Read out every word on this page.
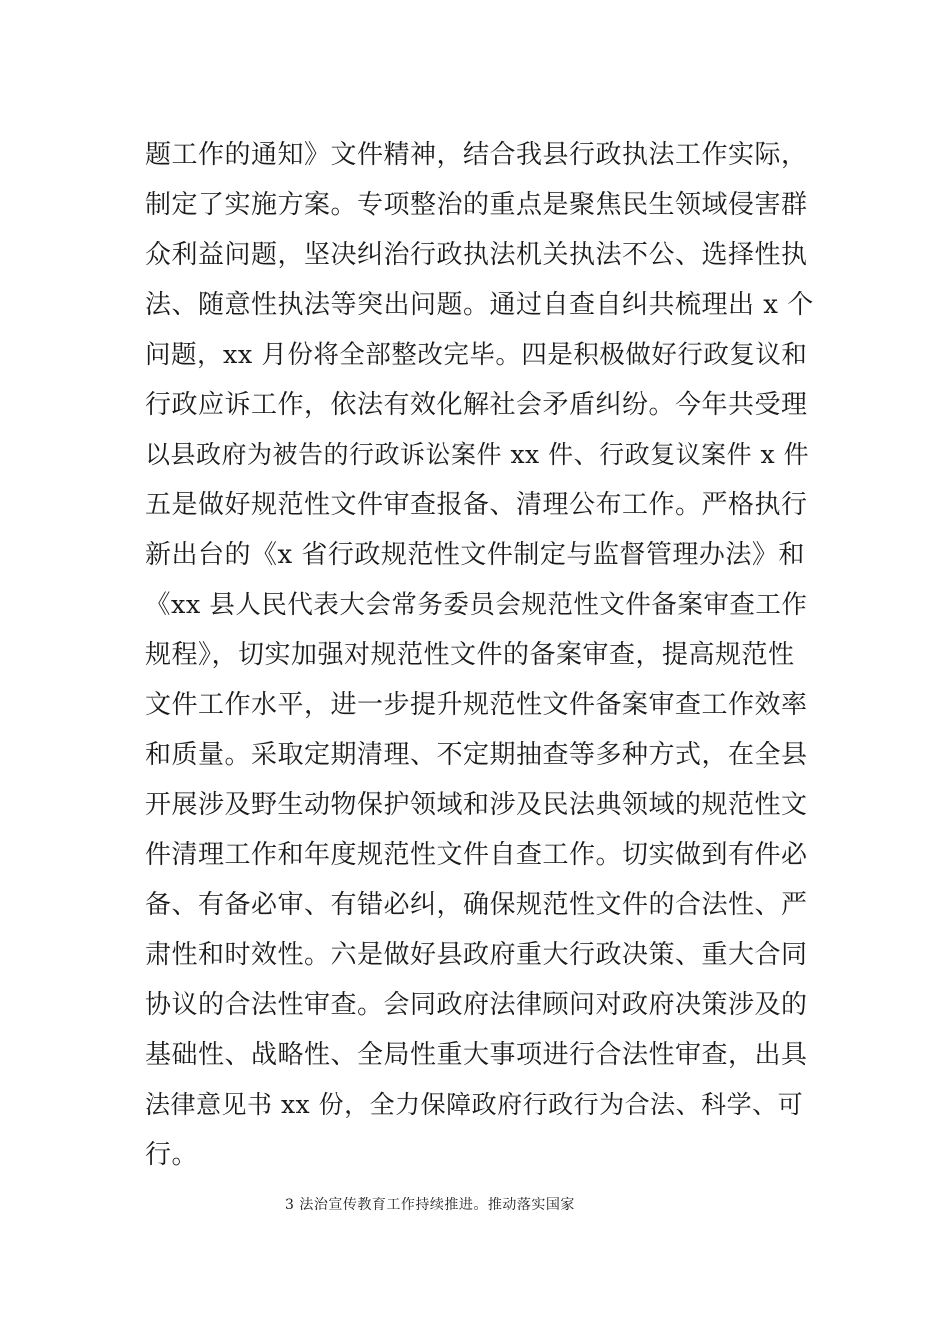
题工作的通知》文件精神，结合我县行政执法工作实际，
制定了实施方案。专项整治的重点是聚焦民生领域侵害群
众利益问题，坚决纠治行政执法机关执法不公、选择性执
法、随意性执法等突出问题。通过自查自纠共梳理出 x 个
问题，xx 月份将全部整改完毕。四是积极做好行政复议和
行政应诉工作，依法有效化解社会矛盾纠纷。今年共受理
以县政府为被告的行政诉讼案件 xx 件、行政复议案件 x 件
五是做好规范性文件审查报备、清理公布工作。严格执行
新出台的《x 省行政规范性文件制定与监督管理办法》和
《xx 县人民代表大会常务委员会规范性文件备案审查工作
规程》，切实加强对规范性文件的备案审查，提高规范性
文件工作水平，进一步提升规范性文件备案审查工作效率
和质量。采取定期清理、不定期抽查等多种方式，在全县
开展涉及野生动物保护领域和涉及民法典领域的规范性文
件清理工作和年度规范性文件自查工作。切实做到有件必
备、有备必审、有错必纠，确保规范性文件的合法性、严
肃性和时效性。六是做好县政府重大行政决策、重大合同
协议的合法性审查。会同政府法律顾问对政府决策涉及的
基础性、战略性、全局性重大事项进行合法性审查，出具
法律意见书 xx 份，全力保障政府行政行为合法、科学、可
行。
3 法治宣传教育工作持续推进。推动落实国家
